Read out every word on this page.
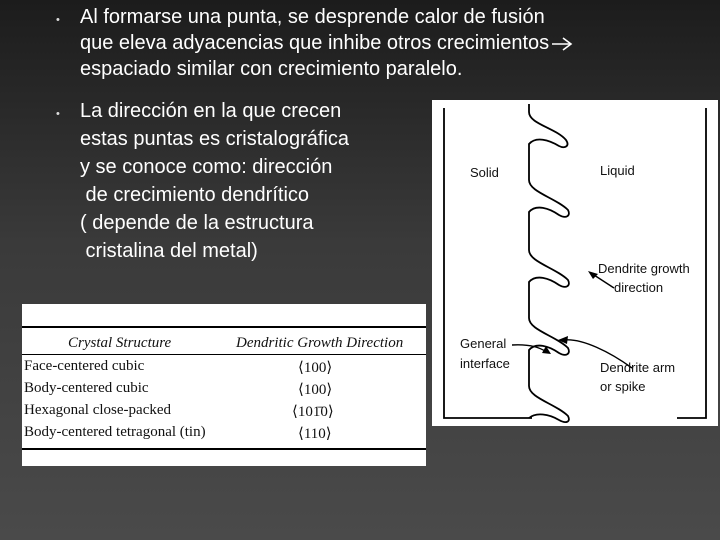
• Al formarse una punta, se desprende calor de fusión
que eleva adyacencias que inhibe otros crecimientos
espaciado similar con crecimiento paralelo.
• La dirección en la que crecen
estas puntas es cristalográfica
y se conoce como: dirección
de crecimiento dendrítico
( depende de la estructura
cristalina del metal)
Crystal Structure	Dendritic Growth Direction
Face-centered cubic	⟨100⟩
Body-centered cubic	⟨100⟩
Hexagonal close-packed	⟨101̄0⟩
Body-centered tetragonal (tin)	⟨110⟩
Solid	Liquid
Dendrite growth
direction
General
interface	Dendrite arm
or spike
